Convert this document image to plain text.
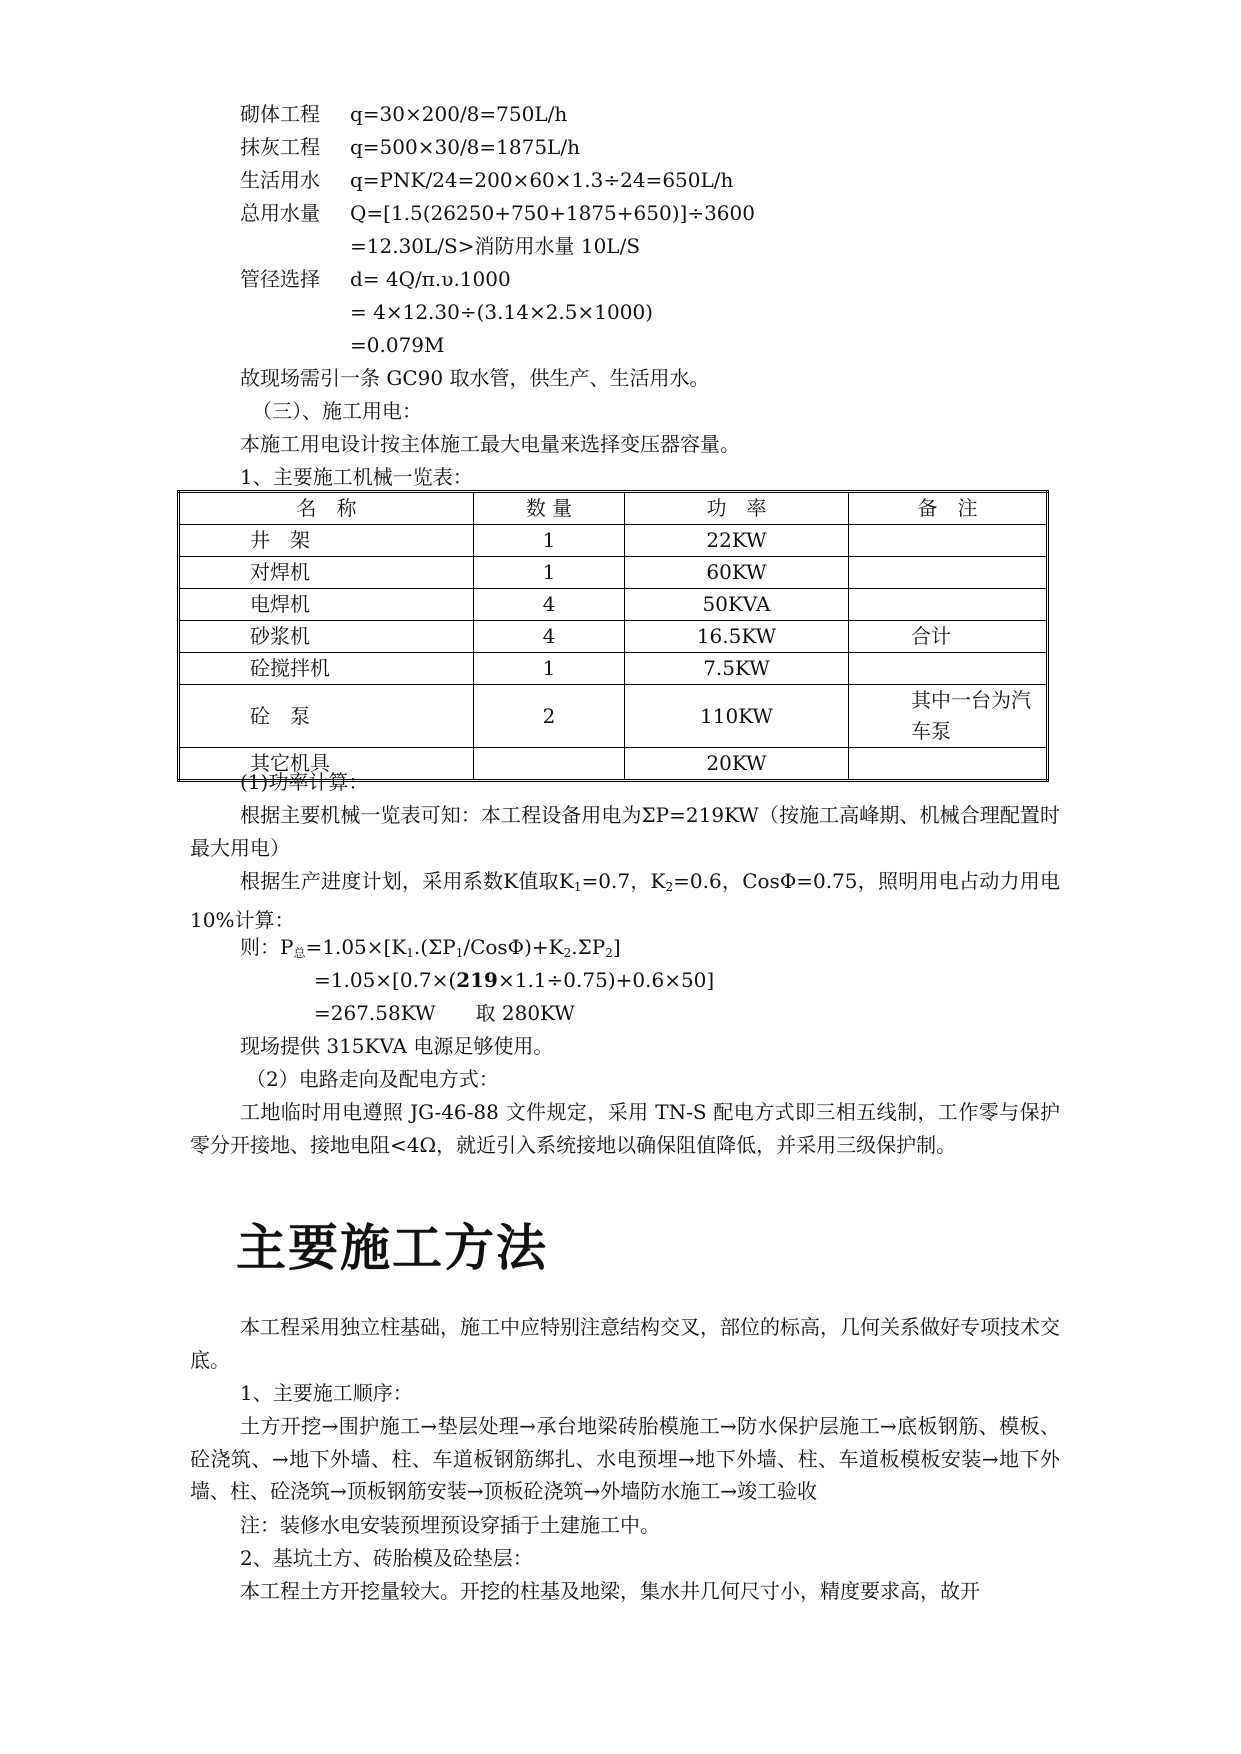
砌体工程 q=30×200/8=750L/h
抹灰工程 q=500×30/8=1875L/h
生活用水 q=PNK/24=200×60×1.3÷24=650L/h
总用水量 Q=[1.5(26250+750+1875+650)]÷3600
=12.30L/S>消防用水量 10L/S
管径选择 d= 4Q/π.υ.1000
= 4×12.30÷(3.14×2.5×1000)
=0.079M
故现场需引一条 GC90 取水管，供生产、生活用水。
（三）、施工用电：
本施工用电设计按主体施工最大电量来选择变压器容量。
1、主要施工机械一览表：
名　称	数 量	功　率	备　注
井　架	1	22KW	
对焊机	1	60KW	
电焊机	4	50KVA	
砂浆机	4	16.5KW	合计
砼搅拌机	1	7.5KW	
砼　泵	2	110KW	其中一台为汽车泵
其它机具		20KW	
(1)功率计算：
根据主要机械一览表可知：本工程设备用电为ΣP=219KW（按施工高峰期、机械合理配置时最大用电）
根据生产进度计划，采用系数K值取$K_1=0.7$，$K_2=0.6$，CosΦ=0.75，照明用电占动力用电 10%计算：
则：$P_总=1.05\times[K_1.(\Sigma P_1/Cos\Phi)+K_2.\Sigma P_2]$
=1.05×[0.7×(219×1.1÷0.75)+0.6×50]
=267.58KW　　取 280KW
现场提供 315KVA 电源足够使用。
（2）电路走向及配电方式：
工地临时用电遵照 JG-46-88 文件规定，采用 TN-S 配电方式即三相五线制，工作零与保护零分开接地、接地电阻<4Ω，就近引入系统接地以确保阻值降低，并采用三级保护制。
主要施工方法
本工程采用独立柱基础，施工中应特别注意结构交叉，部位的标高，几何关系做好专项技术交底。
1、主要施工顺序：
土方开挖→围护施工→垫层处理→承台地梁砖胎模施工→防水保护层施工→底板钢筋、模板、砼浇筑、→地下外墙、柱、车道板钢筋绑扎、水电预埋→地下外墙、柱、车道板模板安装→地下外墙、柱、砼浇筑→顶板钢筋安装→顶板砼浇筑→外墙防水施工→竣工验收
注：装修水电安装预埋预设穿插于土建施工中。
2、基坑土方、砖胎模及砼垫层：
本工程土方开挖量较大。开挖的柱基及地梁，集水井几何尺寸小，精度要求高，故开
